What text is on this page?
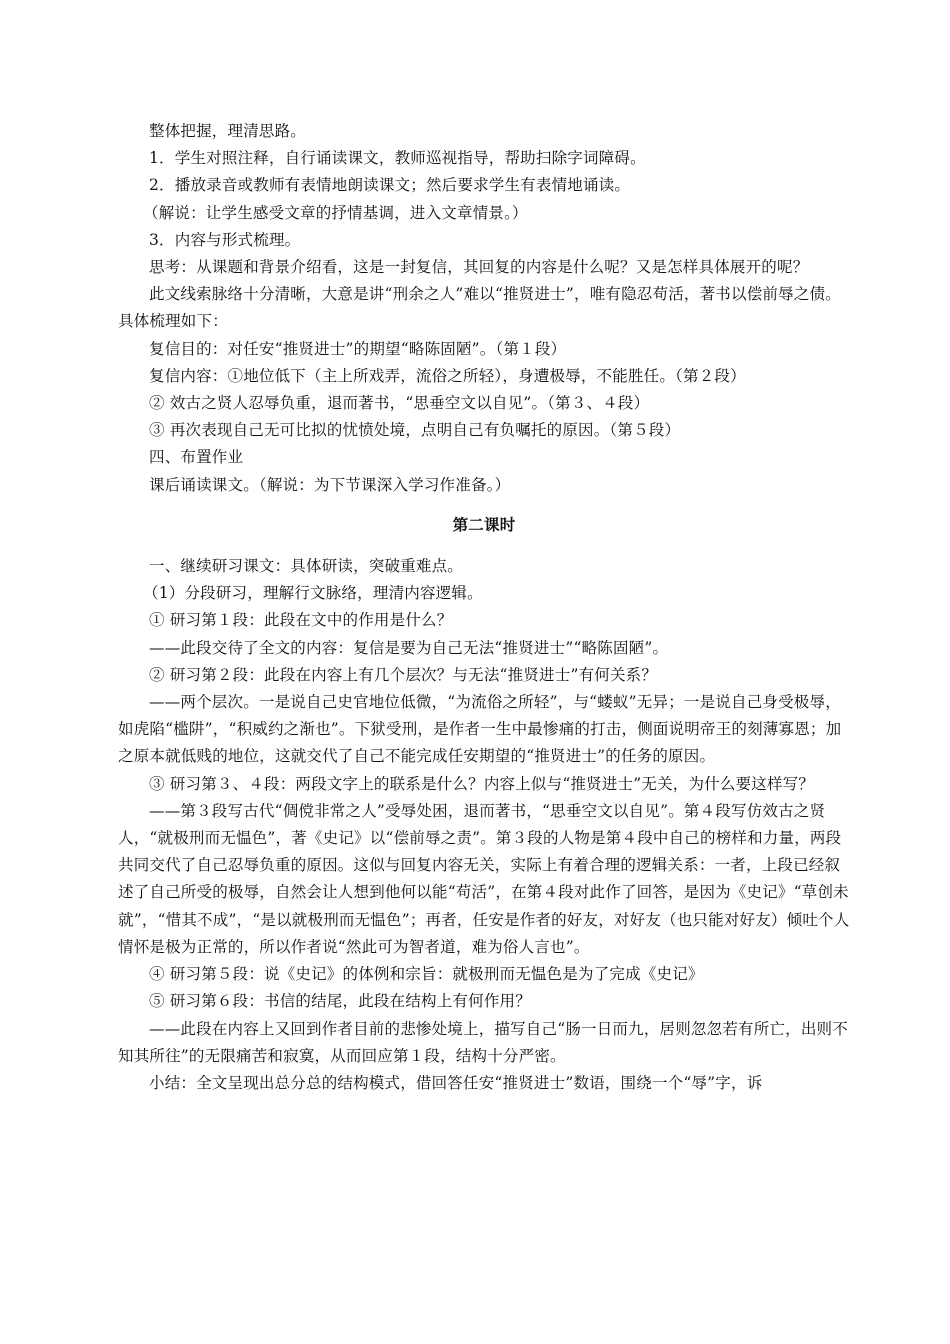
整体把握，理清思路。

1．学生对照注释，自行诵读课文，教师巡视指导，帮助扫除字词障碍。

2．播放录音或教师有表情地朗读课文；然后要求学生有表情地诵读。

（解说：让学生感受文章的抒情基调，进入文章情景。）

3．内容与形式梳理。

思考：从课题和背景介绍看，这是一封复信，其回复的内容是什么呢？又是怎样具体展开的呢？

此文线索脉络十分清晰，大意是讲“刑余之人”难以“推贤进士”，唯有隐忍苟活，著书以偿前辱之债。具体梳理如下：

复信目的：对任安“推贤进士”的期望“略陈固陋”。（第１段）

复信内容：①地位低下（主上所戏弄，流俗之所轻），身遭极辱，不能胜任。（第２段）

② 效古之贤人忍辱负重，退而著书，“思垂空文以自见”。（第３、４段）

③ 再次表现自己无可比拟的忧愤处境，点明自己有负嘱托的原因。（第５段）

四、布置作业

课后诵读课文。（解说：为下节课深入学习作准备。）

第二课时

一、继续研习课文：具体研读，突破重难点。

（1）分段研习，理解行文脉络，理清内容逻辑。

① 研习第１段：此段在文中的作用是什么？

——此段交待了全文的内容：复信是要为自己无法“推贤进士”“略陈固陋”。

② 研习第２段：此段在内容上有几个层次？与无法“推贤进士”有何关系？

——两个层次。一是说自己史官地位低微，“为流俗之所轻”，与“蝼蚁”无异；一是说自己身受极辱，如虎陷“槛阱”，“积威约之渐也”。下狱受刑，是作者一生中最惨痛的打击，侧面说明帝王的刻薄寡恩；加之原本就低贱的地位，这就交代了自己不能完成任安期望的“推贤进士”的任务的原因。

③ 研习第３、４段：两段文字上的联系是什么？内容上似与“推贤进士”无关，为什么要这样写？

——第３段写古代“倜傥非常之人”受辱处困，退而著书，“思垂空文以自见”。第４段写仿效古之贤人，“就极刑而无愠色”，著《史记》以“偿前辱之责”。第３段的人物是第４段中自己的榜样和力量，两段共同交代了自己忍辱负重的原因。这似与回复内容无关，实际上有着合理的逻辑关系：一者，上段已经叙述了自己所受的极辱，自然会让人想到他何以能“苟活”，在第４段对此作了回答，是因为《史记》“草创未就”，“惜其不成”，“是以就极刑而无愠色”；再者，任安是作者的好友，对好友（也只能对好友）倾吐个人情怀是极为正常的，所以作者说“然此可为智者道，难为俗人言也”。

④ 研习第５段：说《史记》的体例和宗旨：就极刑而无愠色是为了完成《史记》

⑤ 研习第６段：书信的结尾，此段在结构上有何作用？

——此段在内容上又回到作者目前的悲惨处境上，描写自己“肠一日而九，居则忽忽若有所亡，出则不知其所往”的无限痛苦和寂寞，从而回应第１段，结构十分严密。

小结：全文呈现出总分总的结构模式，借回答任安“推贤进士”数语，围绕一个“辱”字，诉
